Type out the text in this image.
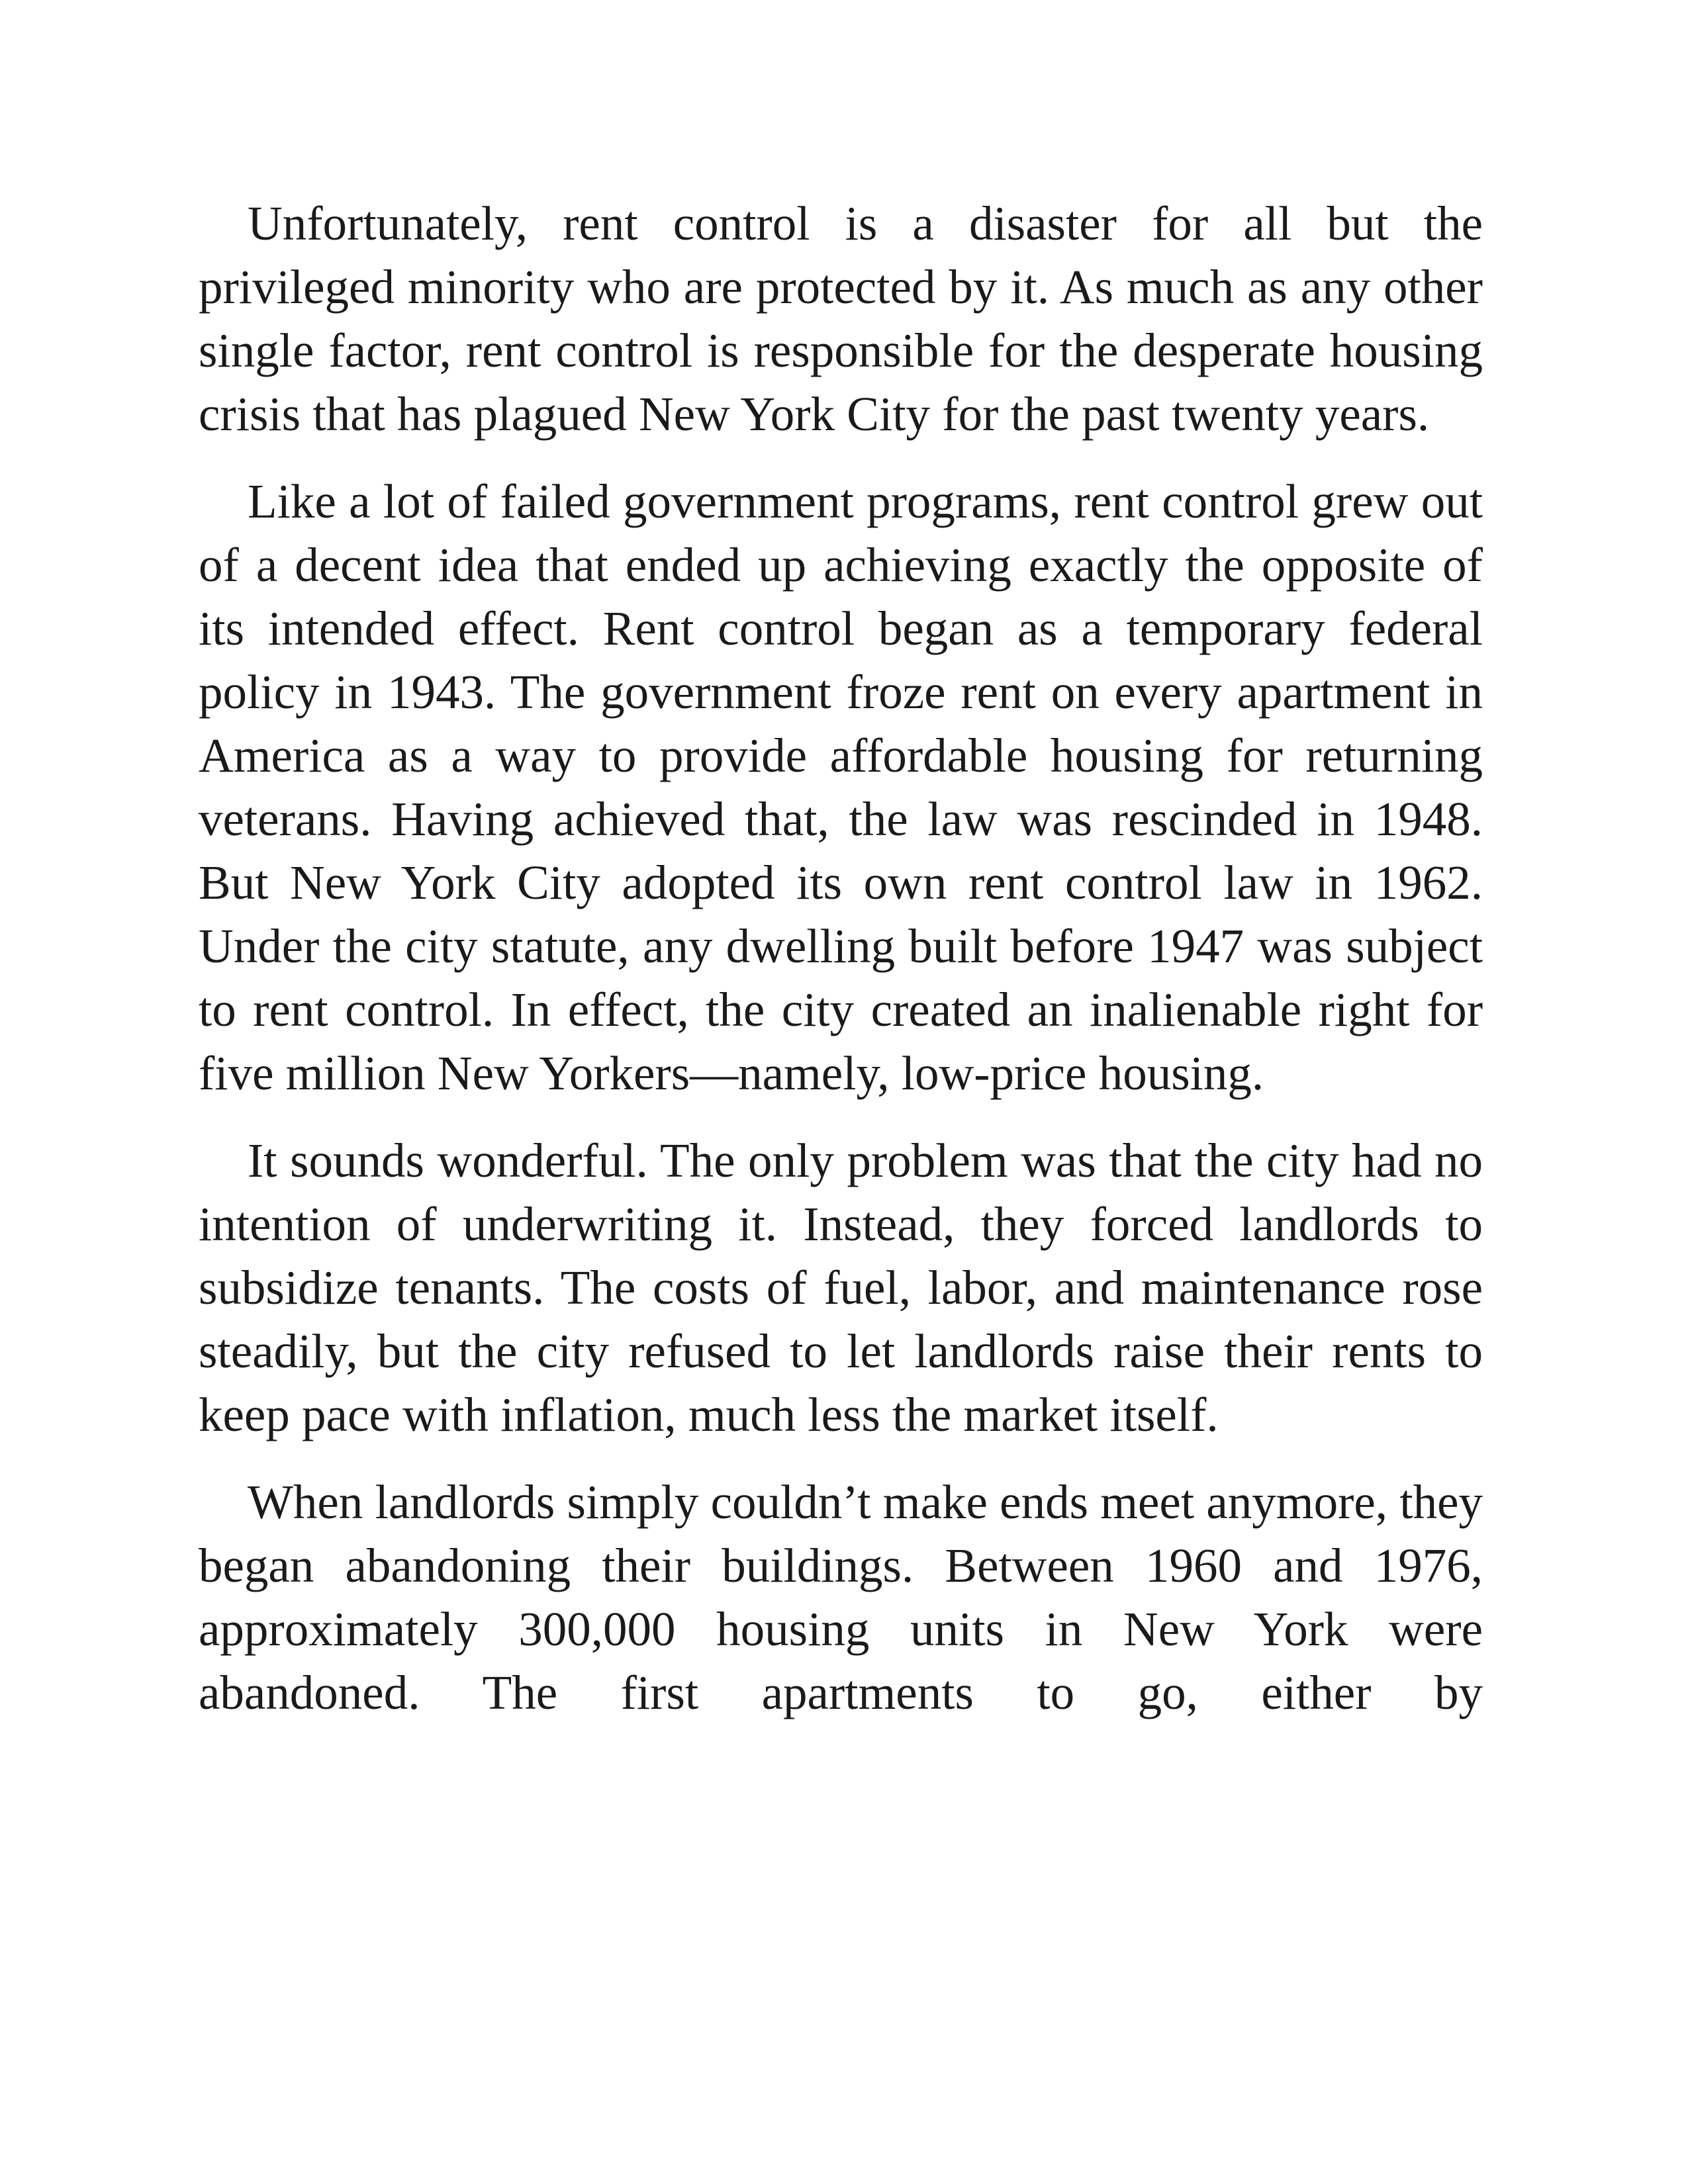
Unfortunately, rent control is a disaster for all but the privileged minority who are protected by it. As much as any other single factor, rent control is responsible for the desperate housing crisis that has plagued New York City for the past twenty years.

Like a lot of failed government programs, rent control grew out of a decent idea that ended up achieving exactly the opposite of its intended effect. Rent control began as a temporary federal policy in 1943. The government froze rent on every apartment in America as a way to provide affordable housing for returning veterans. Having achieved that, the law was rescinded in 1948. But New York City adopted its own rent control law in 1962. Under the city statute, any dwelling built before 1947 was subject to rent control. In effect, the city created an inalienable right for five million New Yorkers—namely, low-price housing.

It sounds wonderful. The only problem was that the city had no intention of underwriting it. Instead, they forced landlords to subsidize tenants. The costs of fuel, labor, and maintenance rose steadily, but the city refused to let landlords raise their rents to keep pace with inflation, much less the market itself.

When landlords simply couldn’t make ends meet anymore, they began abandoning their buildings. Between 1960 and 1976, approximately 300,000 housing units in New York were abandoned. The first apartments to go, either by
